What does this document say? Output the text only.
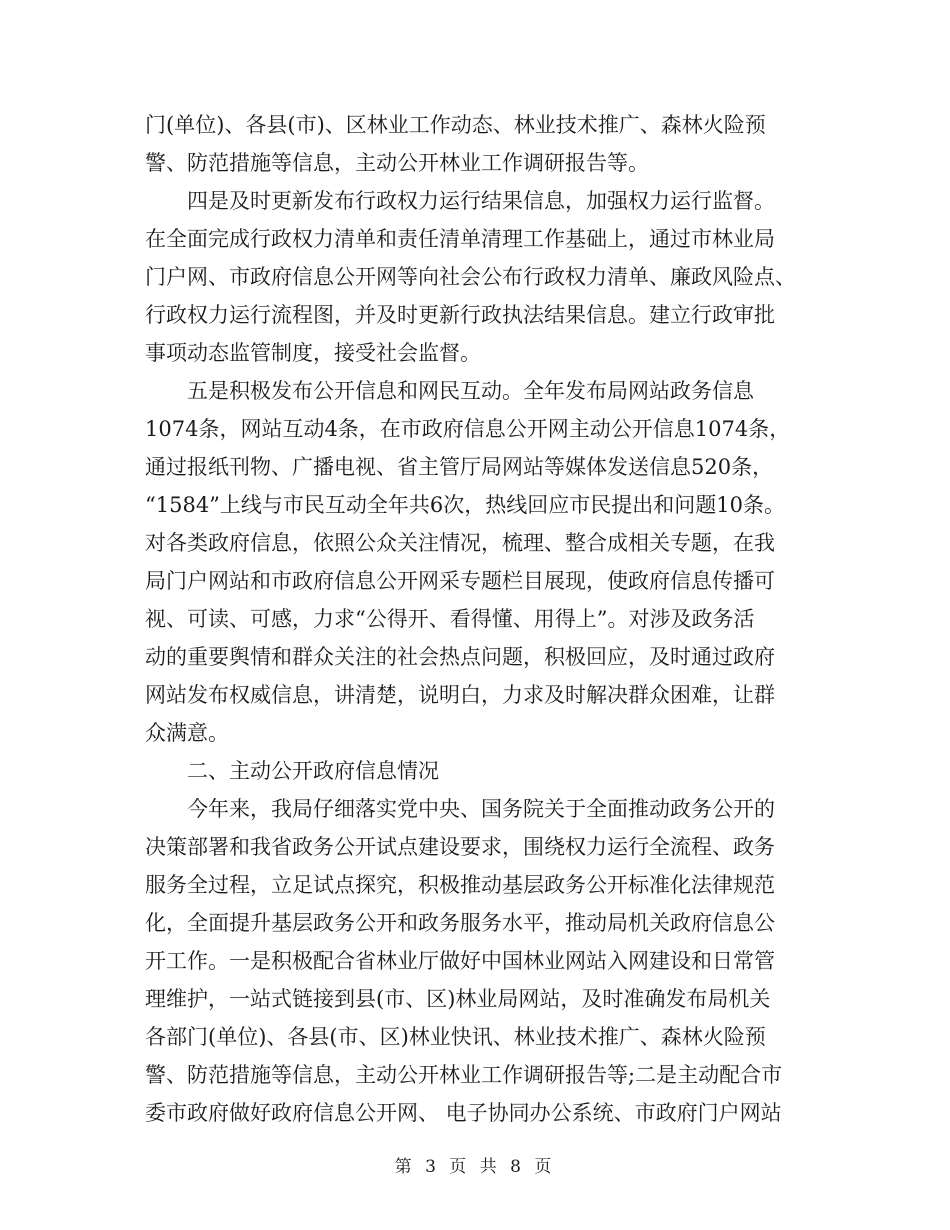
门(单位)、各县(市)、区林业工作动态、林业技术推广、森林火险预
警、防范措施等信息，主动公开林业工作调研报告等。
四是及时更新发布行政权力运行结果信息，加强权力运行监督。
在全面完成行政权力清单和责任清单清理工作基础上，通过市林业局
门户网、市政府信息公开网等向社会公布行政权力清单、廉政风险点、
行政权力运行流程图，并及时更新行政执法结果信息。建立行政审批
事项动态监管制度，接受社会监督。
五是积极发布公开信息和网民互动。全年发布局网站政务信息
1074条，网站互动4条，在市政府信息公开网主动公开信息1074条，
通过报纸刊物、广播电视、省主管厅局网站等媒体发送信息520条，
“1584”上线与市民互动全年共6次，热线回应市民提出和问题10条。
对各类政府信息，依照公众关注情况，梳理、整合成相关专题，在我
局门户网站和市政府信息公开网采专题栏目展现，使政府信息传播可
视、可读、可感，力求“公得开、看得懂、用得上”。对涉及政务活
动的重要舆情和群众关注的社会热点问题，积极回应，及时通过政府
网站发布权威信息，讲清楚，说明白，力求及时解决群众困难，让群
众满意。
二、主动公开政府信息情况
今年来，我局仔细落实党中央、国务院关于全面推动政务公开的
决策部署和我省政务公开试点建设要求，围绕权力运行全流程、政务
服务全过程，立足试点探究，积极推动基层政务公开标准化法律规范
化，全面提升基层政务公开和政务服务水平，推动局机关政府信息公
开工作。一是积极配合省林业厅做好中国林业网站入网建设和日常管
理维护，一站式链接到县(市、区)林业局网站，及时准确发布局机关
各部门(单位)、各县(市、区)林业快讯、林业技术推广、森林火险预
警、防范措施等信息，主动公开林业工作调研报告等;二是主动配合市
委市政府做好政府信息公开网、 电子协同办公系统、市政府门户网站
第 3 页 共 8 页
